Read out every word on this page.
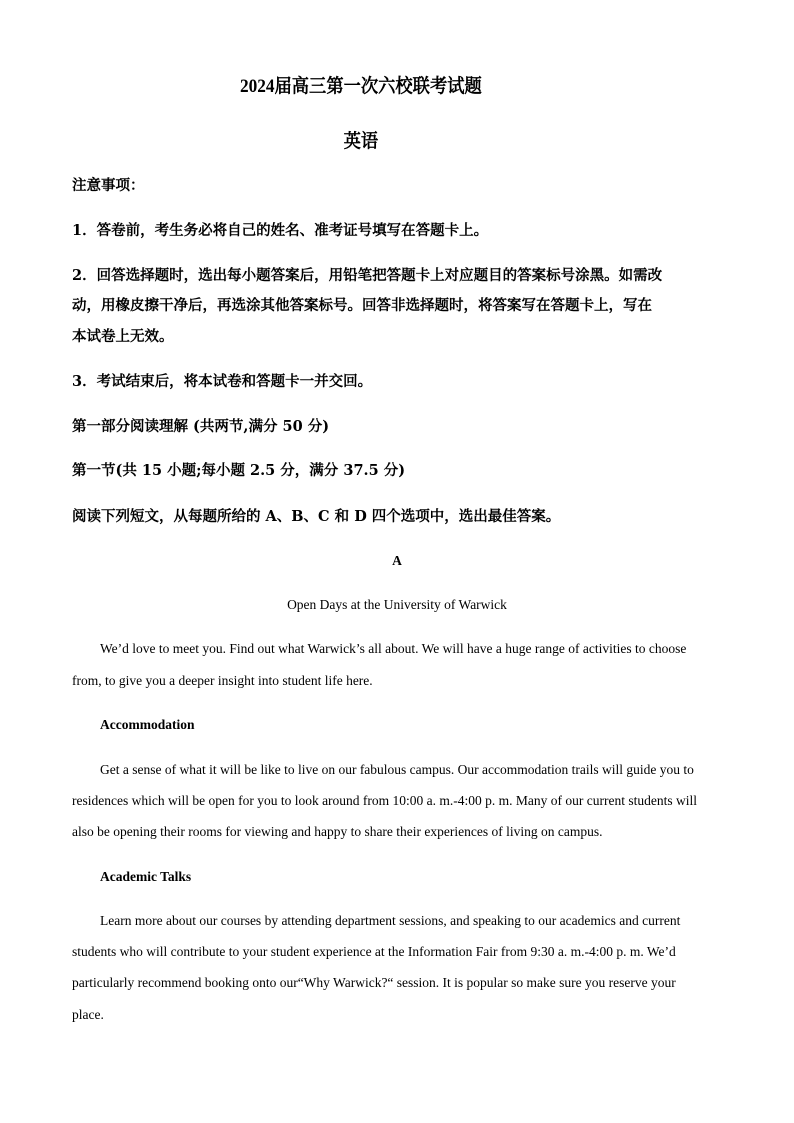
2024届高三第一次六校联考试题
英语
注意事项：
1．答卷前，考生务必将自己的姓名、准考证号填写在答题卡上。
2．回答选择题时，选出每小题答案后，用铅笔把答题卡上对应题目的答案标号涂黑。如需改
动，用橡皮擦干净后，再选涂其他答案标号。回答非选择题时，将答案写在答题卡上，写在
本试卷上无效。
3．考试结束后，将本试卷和答题卡一并交回。
第一部分阅读理解 (共两节,满分 50 分)
第一节(共 15 小题;每小题 2.5 分，满分 37.5 分)
阅读下列短文，从每题所给的 A、B、C 和 D 四个选项中，选出最佳答案。
A
Open Days at the University of Warwick
We’d love to meet you. Find out what Warwick’s all about. We will have a huge range of activities to choose
from, to give you a deeper insight into student life here.
Accommodation
Get a sense of what it will be like to live on our fabulous campus. Our accommodation trails will guide you to
residences which will be open for you to look around from 10:00 a. m.-4:00 p. m. Many of our current students will
also be opening their rooms for viewing and happy to share their experiences of living on campus.
Academic Talks
Learn more about our courses by attending department sessions, and speaking to our academics and current
students who will contribute to your student experience at the Information Fair from 9:30 a. m.-4:00 p. m. We’d
particularly recommend booking onto our“Why Warwick?“ session. It is popular so make sure you reserve your
place.
